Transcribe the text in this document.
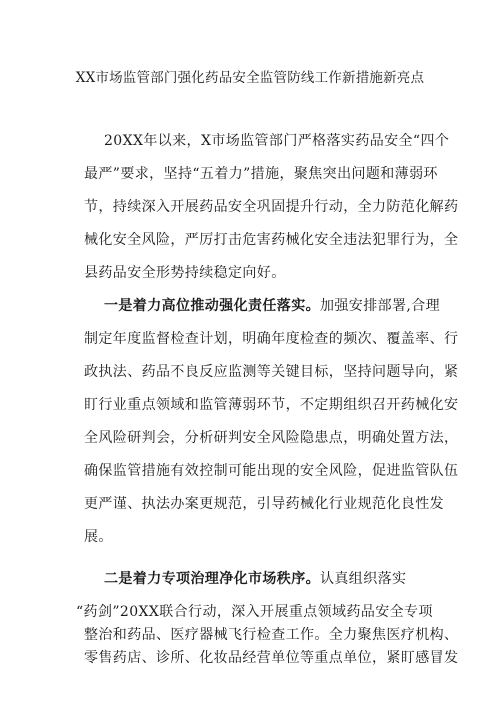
XX市场监管部门强化药品安全监管防线工作新措施新亮点
20XX年以来，X市场监管部门严格落实药品安全“四个
最严”要求，坚持“五着力”措施，聚焦突出问题和薄弱环
节，持续深入开展药品安全巩固提升行动，全力防范化解药
械化安全风险，严厉打击危害药械化安全违法犯罪行为，全
县药品安全形势持续稳定向好。
一是着力高位推动强化责任落实。加强安排部署,合理
制定年度监督检查计划，明确年度检查的频次、覆盖率、行
政执法、药品不良反应监测等关键目标，坚持问题导向，紧
盯行业重点领域和监管薄弱环节，不定期组织召开药械化安
全风险研判会，分析研判安全风险隐患点，明确处置方法，
确保监管措施有效控制可能出现的安全风险，促进监管队伍
更严谨、执法办案更规范，引导药械化行业规范化良性发
展。
二是着力专项治理净化市场秩序。认真组织落实
“药剑”20XX联合行动，深入开展重点领域药品安全专项
整治和药品、医疗器械飞行检查工作。全力聚焦医疗机构、
零售药店、诊所、化妆品经营单位等重点单位，紧盯感冒发
